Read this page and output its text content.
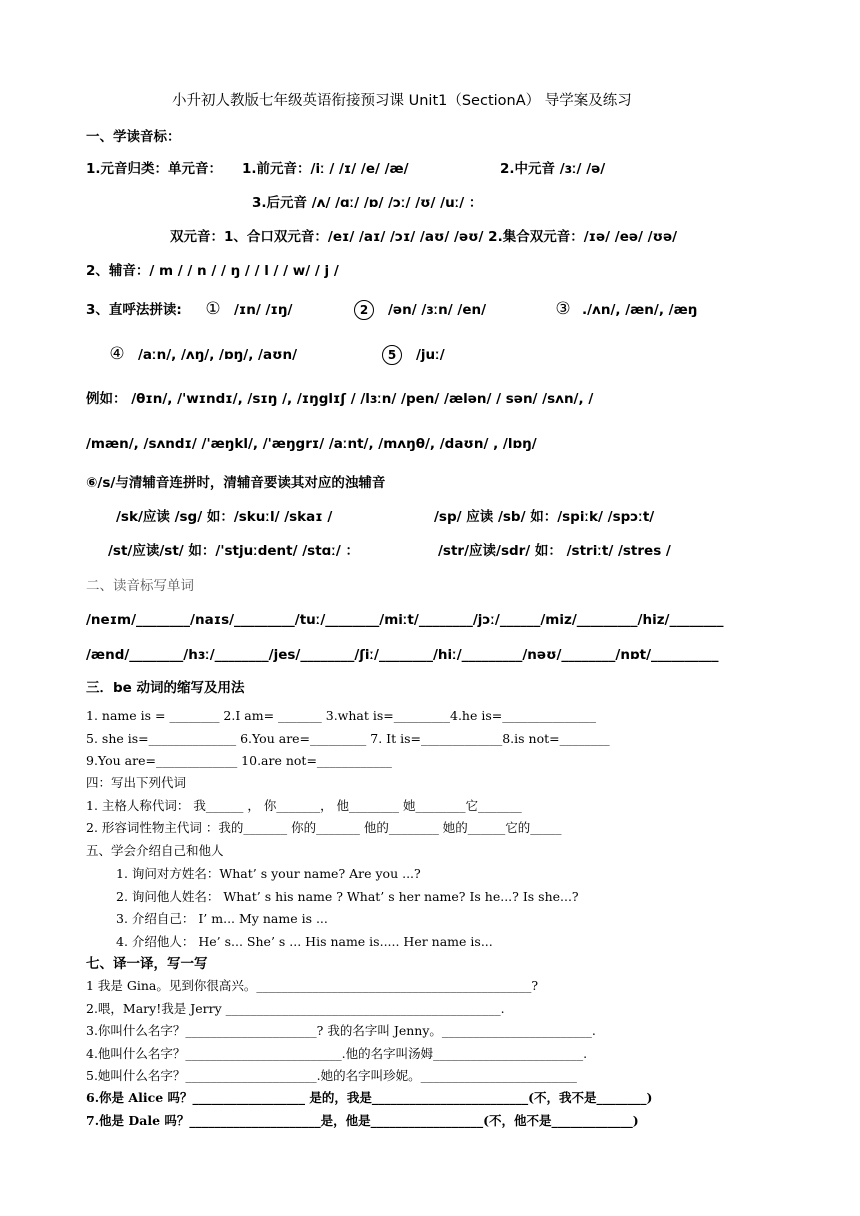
小升初人教版七年级英语衔接预习课 Unit1（SectionA） 导学案及练习
一、学读音标：
1.元音归类：单元音： 1.前元音：/iː / /ɪ/ /e/ /æ/	2.中元音 /ɜː/ /ə/
3.后元音 /ʌ/ /ɑː/ /ɒ/ /ɔː/ /ʊ/ /uː/ ：
双元音：1、合口双元音：/eɪ/ /aɪ/ /ɔɪ/ /aʊ/ /əʊ/ 2.集合双元音：/ɪə/ /eə/ /ʊə/
2、辅音：/ m / / n / / ŋ / / l / / w/ / j /
3、直呼法拼读: ① /ɪn/ /ɪŋ/	2	/ən/ /ɜːn/ /en/	③ ./ʌn/, /æn/, /æŋ
④ /aːn/, /ʌŋ/, /ɒŋ/, /aʊn/	5	/juː/
例如： /θɪn/, /'wɪndɪ/, /sɪŋ /, /ɪŋglɪʃ / /lɜːn/ /pen/ /ælən/ / sən/ /sʌn/, /
/mæn/, /sʌndɪ/ /'æŋkl/, /'æŋgrɪ/ /aːnt/, /mʌŋθ/, /daʊn/ , /lɒŋ/
⑥/s/与清辅音连拼时，清辅音要读其对应的浊辅音
/sk/应读 /sg/ 如：/skuːl/ /skaɪ /	/sp/ 应读 /sb/ 如：/spiːk/ /spɔːt/
/st/应读/st/ 如：/'stjuːdent/ /stɑː/ ：	/str/应读/sdr/ 如： /striːt/ /stres /
二、读音标写单词
/neɪm/________/naɪs/_________/tuː/________/miːt/________/jɔː/______/miz/_________/hiz/________
/ænd/________/hɜː/________/jes/________/ʃiː/________/hiː/_________/nəʊ/________/nɒt/__________
三．be 动词的缩写及用法
1. name is = ________ 2.I am= _______ 3.what is=_________4.he is=_______________
5. she is=______________ 6.You are=_________ 7. It is=_____________8.is not=________
9.You are=_____________ 10.are not=____________
四：写出下列代词
1. 主格人称代词： 我______ ， 你_______， 他________ 她________它_______
2. 形容词性物主代词 ：我的_______ 你的_______ 他的________ 她的______它的_____
五、学会介绍自己和他人
1. 询问对方姓名：What’ s your name? Are you ...?
2. 询问他人姓名： What’ s his name ? What’ s her name? Is he...? Is she...?
3. 介绍自己： I’ m... My name is ...
4. 介绍他人： He’ s... She’ s ... His name is..... Her name is...
七、译一译，写一写
1 我是 Gina。见到你很高兴。____________________________________________?
2.喂，Mary!我是 Jerry ____________________________________________.
3.你叫什么名字？_____________________? 我的名字叫 Jenny。________________________.
4.他叫什么名字？_________________________.他的名字叫汤姆________________________.
5.她叫什么名字？_____________________.她的名字叫珍妮。_________________________
6.你是 Alice 吗？__________________ 是的，我是_________________________(不，我不是________)
7.他是 Dale 吗？_____________________是，他是__________________(不，他不是_____________)
